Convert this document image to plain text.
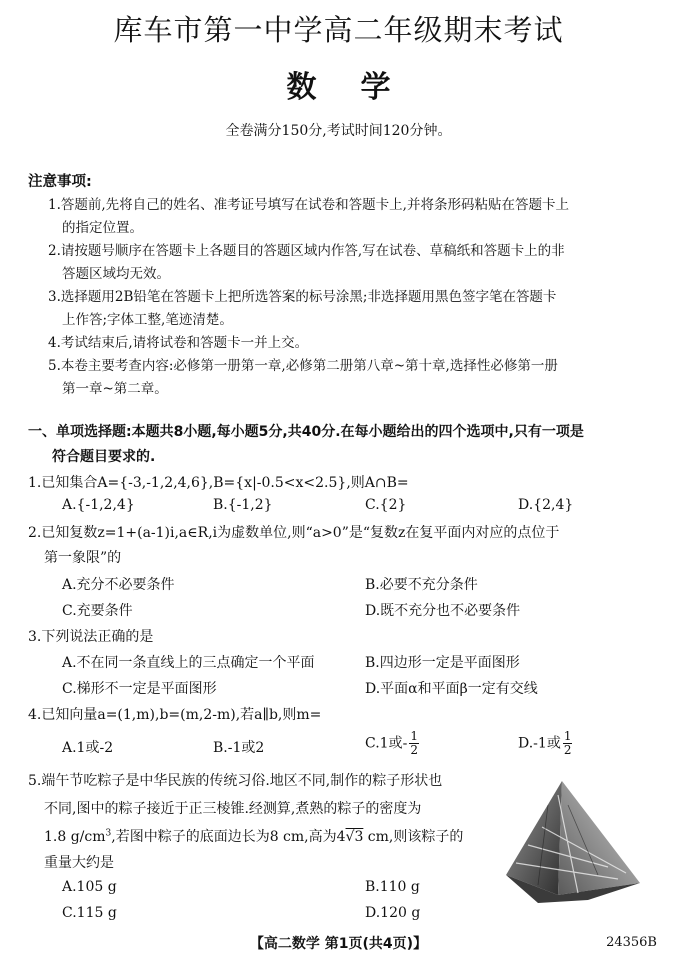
库车市第一中学高二年级期末考试
数学
全卷满分150分,考试时间120分钟。
注意事项:
1.答题前,先将自己的姓名、准考证号填写在试卷和答题卡上,并将条形码粘贴在答题卡上
的指定位置。
2.请按题号顺序在答题卡上各题目的答题区域内作答,写在试卷、草稿纸和答题卡上的非
答题区域均无效。
3.选择题用2B铅笔在答题卡上把所选答案的标号涂黑;非选择题用黑色签字笔在答题卡
上作答;字体工整,笔迹清楚。
4.考试结束后,请将试卷和答题卡一并上交。
5.本卷主要考查内容:必修第一册第一章,必修第二册第八章~第十章,选择性必修第一册
第一章~第二章。
一、单项选择题:本题共8小题,每小题5分,共40分.在每小题给出的四个选项中,只有一项是
符合题目要求的.
1.已知集合A={-3,-1,2,4,6},B={x|-0.5<x<2.5},则A∩B=
A.{-1,2,4}	B.{-1,2}	C.{2}	D.{2,4}
2.已知复数z=1+(a-1)i,a∈R,i为虚数单位,则“a>0”是“复数z在复平面内对应的点位于
第一象限”的
A.充分不必要条件	B.必要不充分条件
C.充要条件	D.既不充分也不必要条件
3.下列说法正确的是
A.不在同一条直线上的三点确定一个平面	B.四边形一定是平面图形
C.梯形不一定是平面图形	D.平面α和平面β一定有交线
4.已知向量a=(1,m),b=(m,2-m),若a∥b,则m=
A.1或-2	B.-1或2	C.1或- $\frac{1}{2}$	D.-1或 $\frac{1}{2}$
5.端午节吃粽子是中华民族的传统习俗.地区不同,制作的粽子形状也
不同,图中的粽子接近于正三棱锥.经测算,煮熟的粽子的密度为
1.8 $g/cm^3$,若图中粽子的底面边长为8 cm,高为4√3 cm,则该粽子的
重量大约是
A.105 g	B.110 g
C.115 g	D.120 g
【高二数学 第1页(共4页)】	24356B
